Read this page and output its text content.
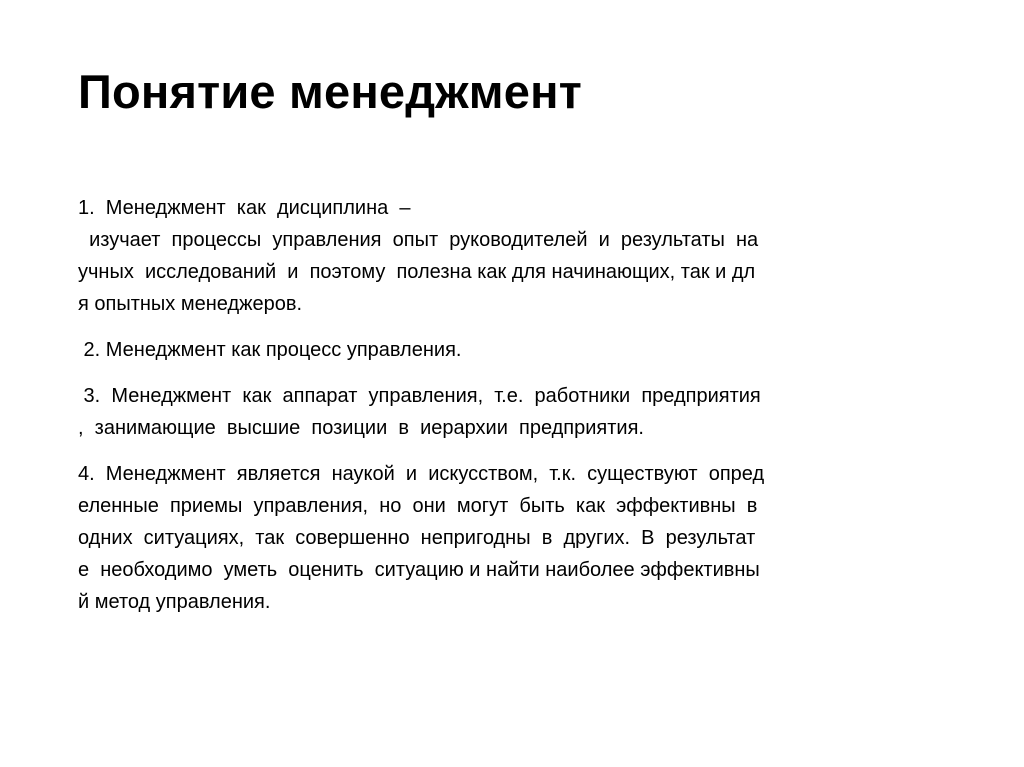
Понятие менеджмент

1.  Менеджмент  как  дисциплина  –
изучает  процессы  управления  опыт  руководителей  и  результаты  на
учных  исследований  и  поэтому  полезна как для начинающих, так и дл
я опытных менеджеров.

2. Менеджмент как процесс управления.

3.  Менеджмент  как  аппарат  управления,  т.е.  работники  предприятия
,  занимающие  высшие  позиции  в  иерархии  предприятия.

4.  Менеджмент  является  наукой  и  искусством,  т.к.  существуют  опред
еленные  приемы  управления,  но  они  могут  быть  как  эффективны  в
одних  ситуациях,  так  совершенно  непригодны  в  других.  В  результат
е  необходимо  уметь  оценить  ситуацию и найти наиболее эффективны
й метод управления.
